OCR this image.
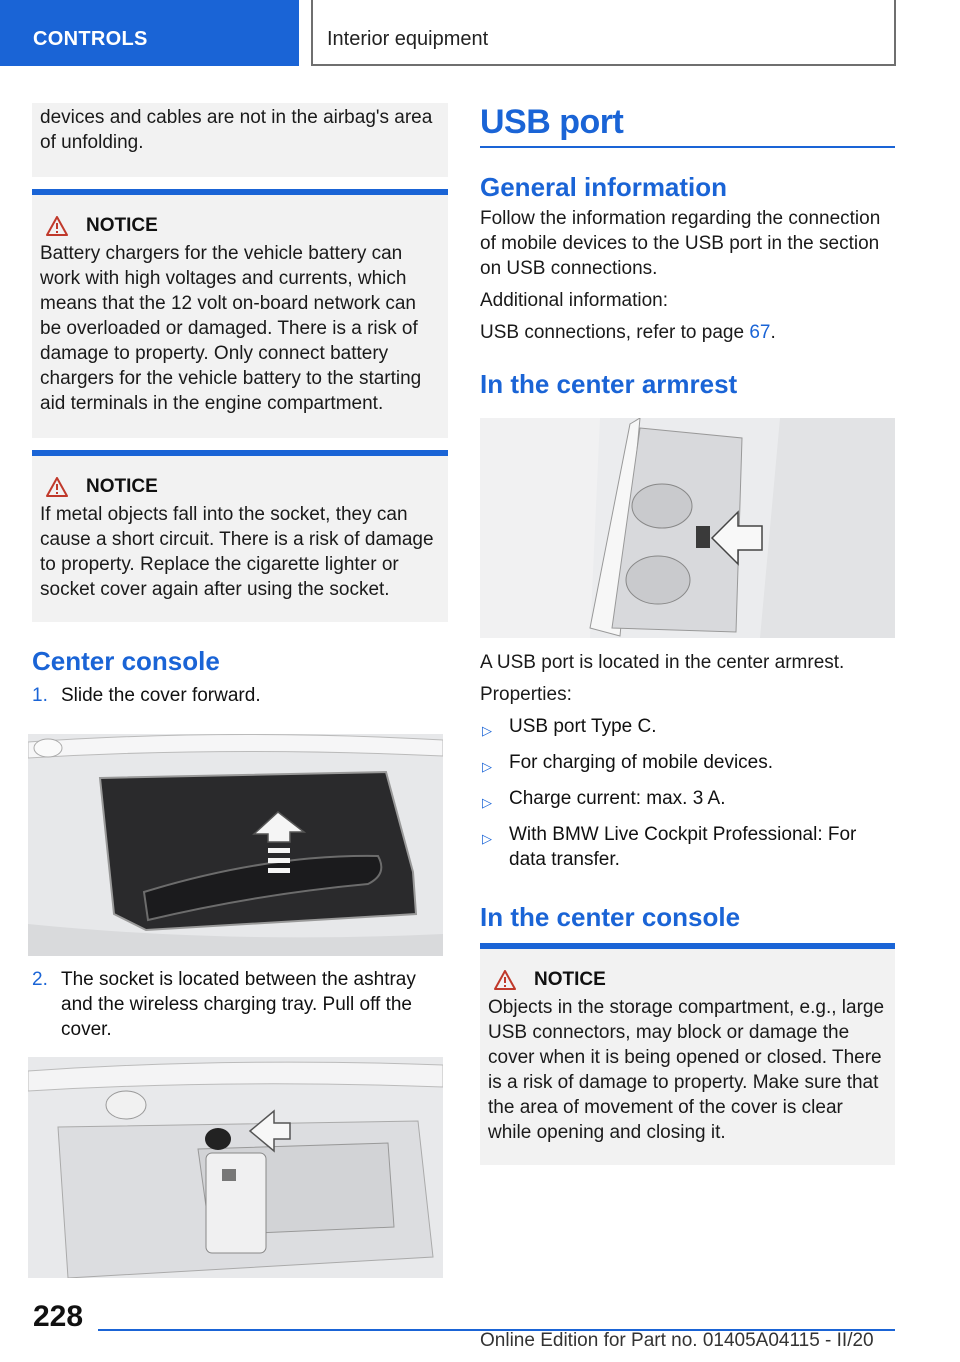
CONTROLS	Interior equipment

devices and cables are not in the airbag's area of unfolding.

NOTICE

Battery chargers for the vehicle battery can work with high voltages and currents, which means that the 12 volt on-board network can be overloaded or damaged. There is a risk of damage to property. Only connect battery chargers for the vehicle battery to the starting aid terminals in the engine compartment.

NOTICE

If metal objects fall into the socket, they can cause a short circuit. There is a risk of damage to property. Replace the cigarette lighter or socket cover again after using the socket.

Center console
1. Slide the cover forward.
2. The socket is located between the ashtray and the wireless charging tray. Pull off the cover.
USB port
General information

Follow the information regarding the connection of mobile devices to the USB port in the section on USB connections.

Additional information:

USB connections, refer to page 67.

In the center armrest

A USB port is located in the center armrest.

Properties:

▷ USB port Type C.
▷ For charging of mobile devices.
▷ Charge current: max. 3 A.
▷ With BMW Live Cockpit Professional: For data transfer.
In the center console
NOTICE

Objects in the storage compartment, e.g., large USB connectors, may block or damage the cover when it is being opened or closed. There is a risk of damage to property. Make sure that the area of movement of the cover is clear while opening and closing it.

228
Online Edition for Part no. 01405A04115 - II/20
